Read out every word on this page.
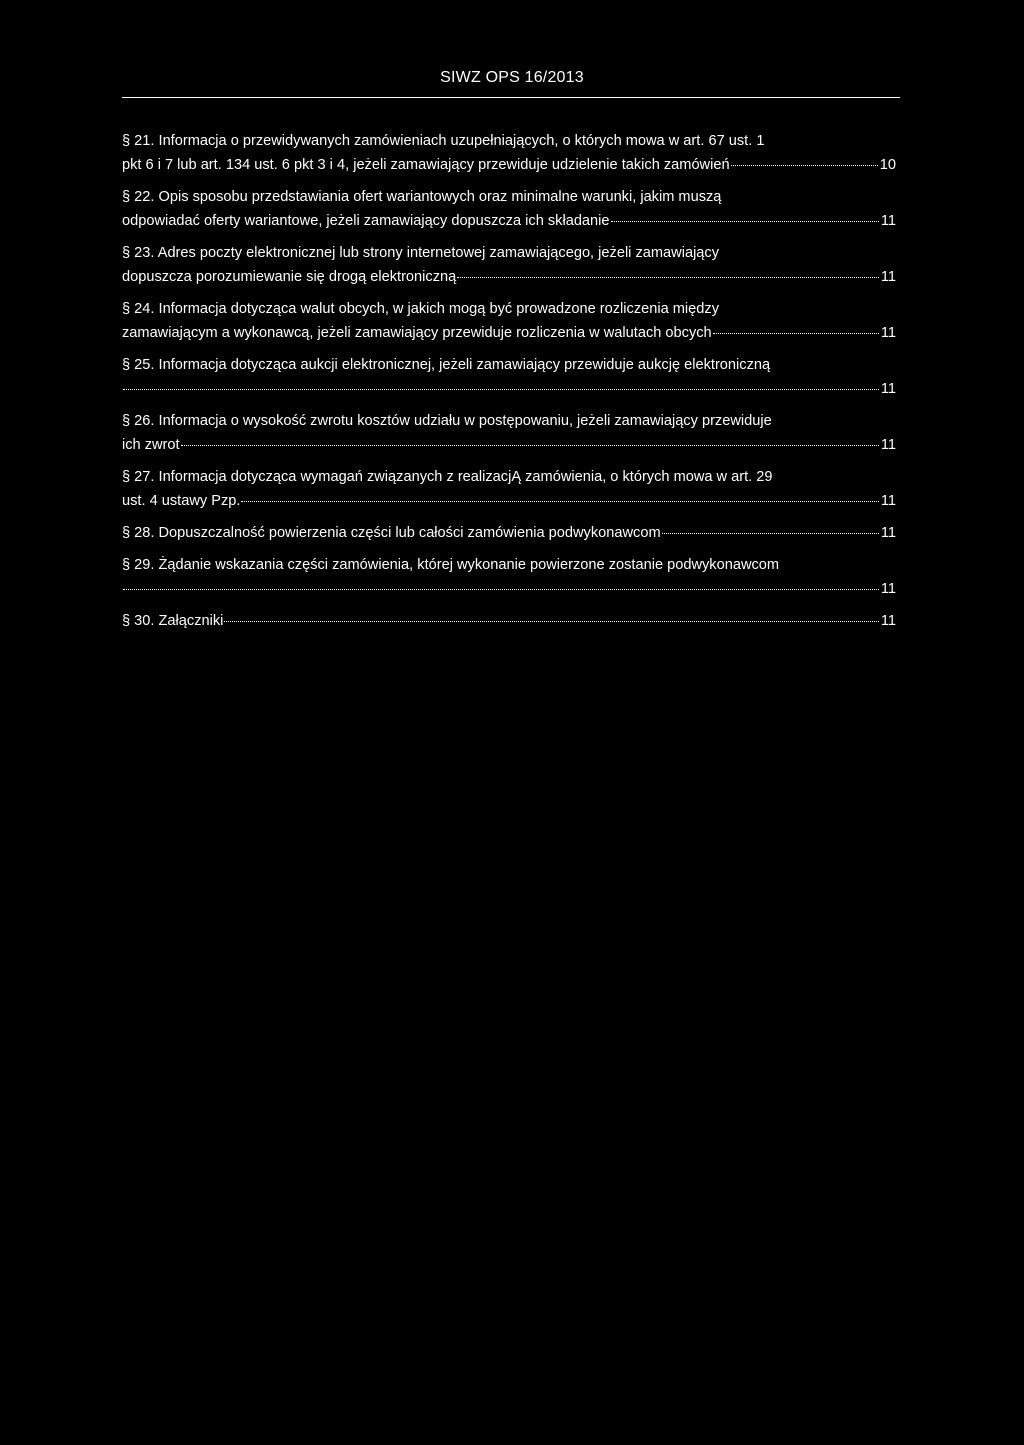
SIWZ OPS 16/2013
§ 21. Informacja o przewidywanych zamówieniach uzupełniających, o których mowa w art. 67 ust. 1
pkt 6 i 7 lub art. 134 ust. 6 pkt 3 i 4, jeżeli zamawiający przewiduje udzielenie takich zamówień	10
§ 22. Opis sposobu przedstawiania ofert wariantowych oraz minimalne warunki, jakim muszą
odpowiadać oferty wariantowe, jeżeli zamawiający dopuszcza ich składanie	11
§ 23. Adres poczty elektronicznej lub strony internetowej zamawiającego, jeżeli zamawiający
dopuszcza porozumiewanie się drogą elektroniczną	11
§ 24. Informacja dotycząca walut obcych, w jakich mogą być prowadzone rozliczenia między
zamawiającym a wykonawcą, jeżeli zamawiający przewiduje rozliczenia w walutach obcych	11
§ 25. Informacja dotycząca aukcji elektronicznej, jeżeli zamawiający przewiduje aukcję elektroniczną
11
§ 26. Informacja o wysokość zwrotu kosztów udziału w postępowaniu, jeżeli zamawiający przewiduje
ich zwrot	11
§ 27. Informacja dotycząca wymagań związanych z realizacjĄ zamówienia, o których mowa w art. 29
ust. 4 ustawy Pzp.	11
§ 28. Dopuszczalność powierzenia części lub całości zamówienia podwykonawcom	11
§ 29. Żądanie wskazania części zamówienia, której wykonanie powierzone zostanie podwykonawcom
11
§ 30. Załączniki	11
